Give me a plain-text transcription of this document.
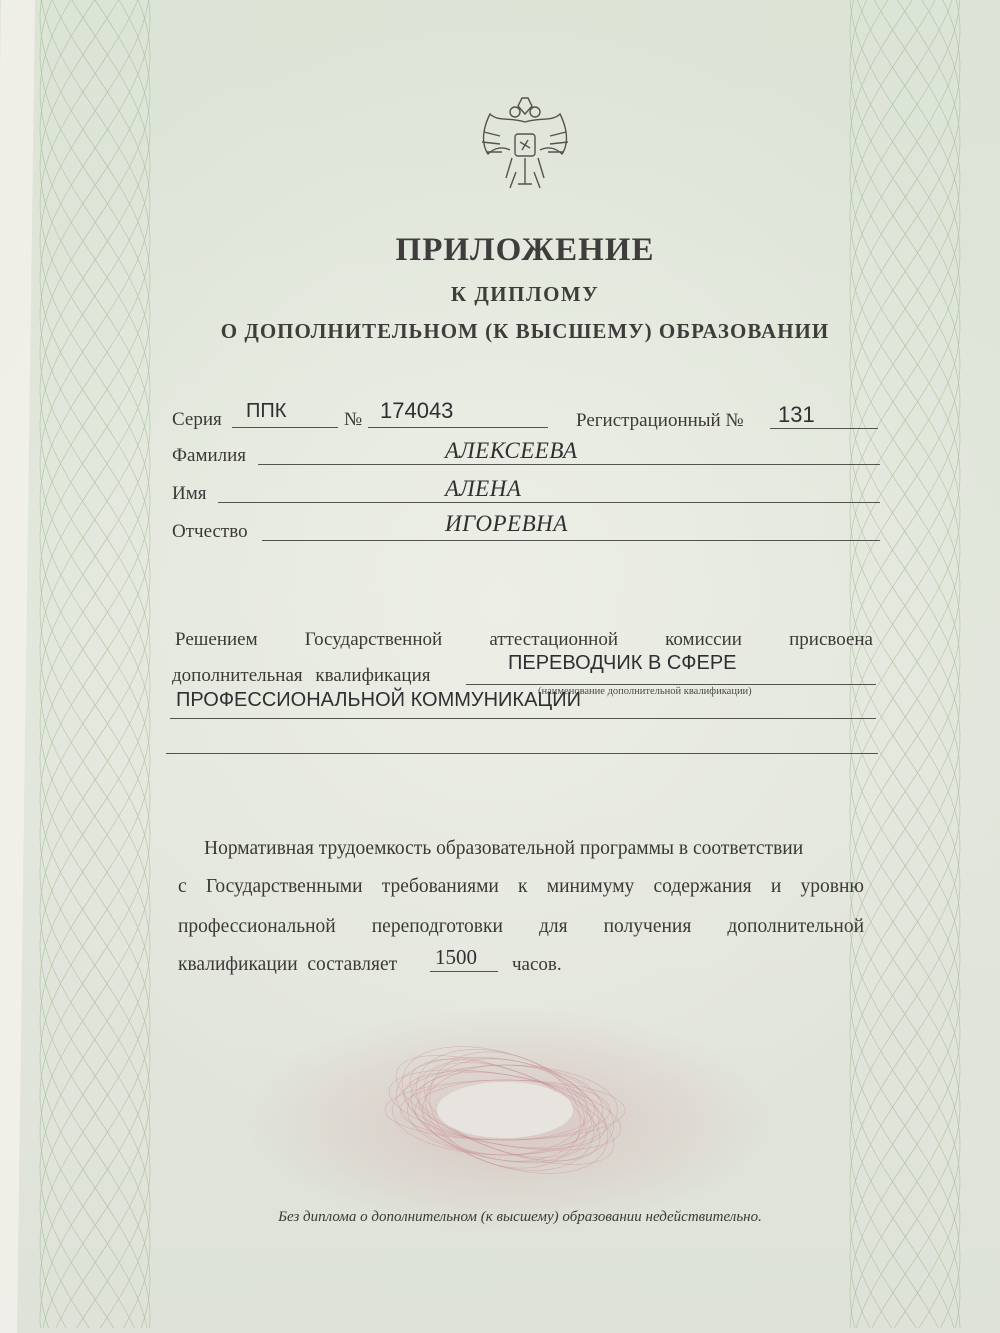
ПРИЛОЖЕНИЕ
К ДИПЛОМУ
О ДОПОЛНИТЕЛЬНОМ (К ВЫСШЕМУ) ОБРАЗОВАНИИ
Серия ППК	№ 174043	Регистрационный № 131
Фамилия	АЛЕКСЕЕВА
Имя	АЛЕНА
Отчество	ИГОРЕВНА
Решением Государственной аттестационной комиссии присвоена
дополнительная квалификация
ПЕРЕВОДЧИК В СФЕРЕ
(наименование дополнительной квалификации)
ПРОФЕССИОНАЛЬНОЙ КОММУНИКАЦИИ
Нормативная трудоемкость образовательной программы в соответствии
с Государственными требованиями к минимуму содержания и уровню
профессиональной переподготовки для получения дополнительной
квалификации  составляет	1500 часов.
Без диплома о дополнительном (к высшему) образовании недействительно.
